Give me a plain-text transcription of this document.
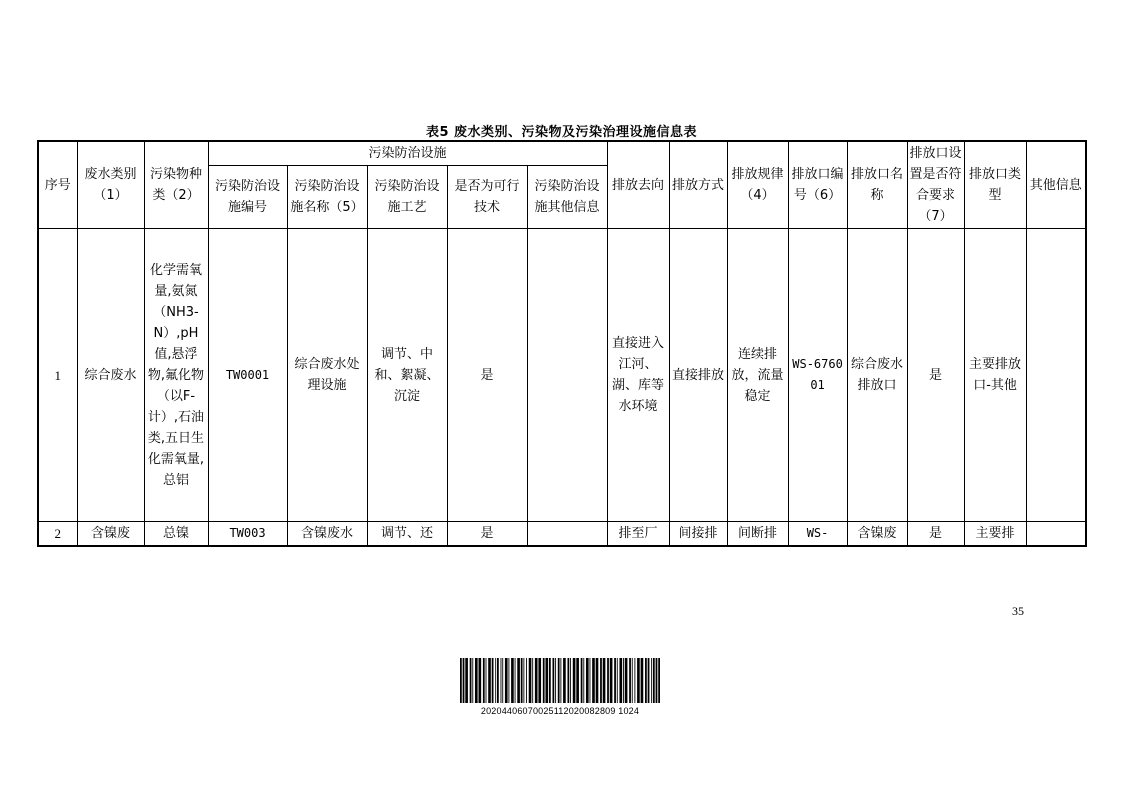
表5 废水类别、污染物及污染治理设施信息表
序号	废水类别（1）	污染物种类（2）	污染防治设施					排放去向	排放方式	排放规律（4）	排放口编号（6）	排放口名称	排放口设置是否符合要求（7）	排放口类型	其他信息
			污染防治设施编号	污染防治设施名称（5）	污染防治设施工艺	是否为可行技术	污染防治设施其他信息								
1	综合废水	化学需氧量,氨氮（NH3-N）,pH值,悬浮物,氟化物（以F-计）,石油类,五日生化需氧量,总铝	TW0001	综合废水处理设施	调节、中和、絮凝、沉淀	是		直接进入江河、湖、库等水环境	直接排放	连续排放，流量稳定	WS-676001	综合废水排放口	是	主要排放口-其他	
2	含镍废	总镍	TW003	含镍废水	调节、还	是		排至厂	间接排	间断排	WS-	含镍废	是	主要排	
35
20204406070025112020082809 1024
